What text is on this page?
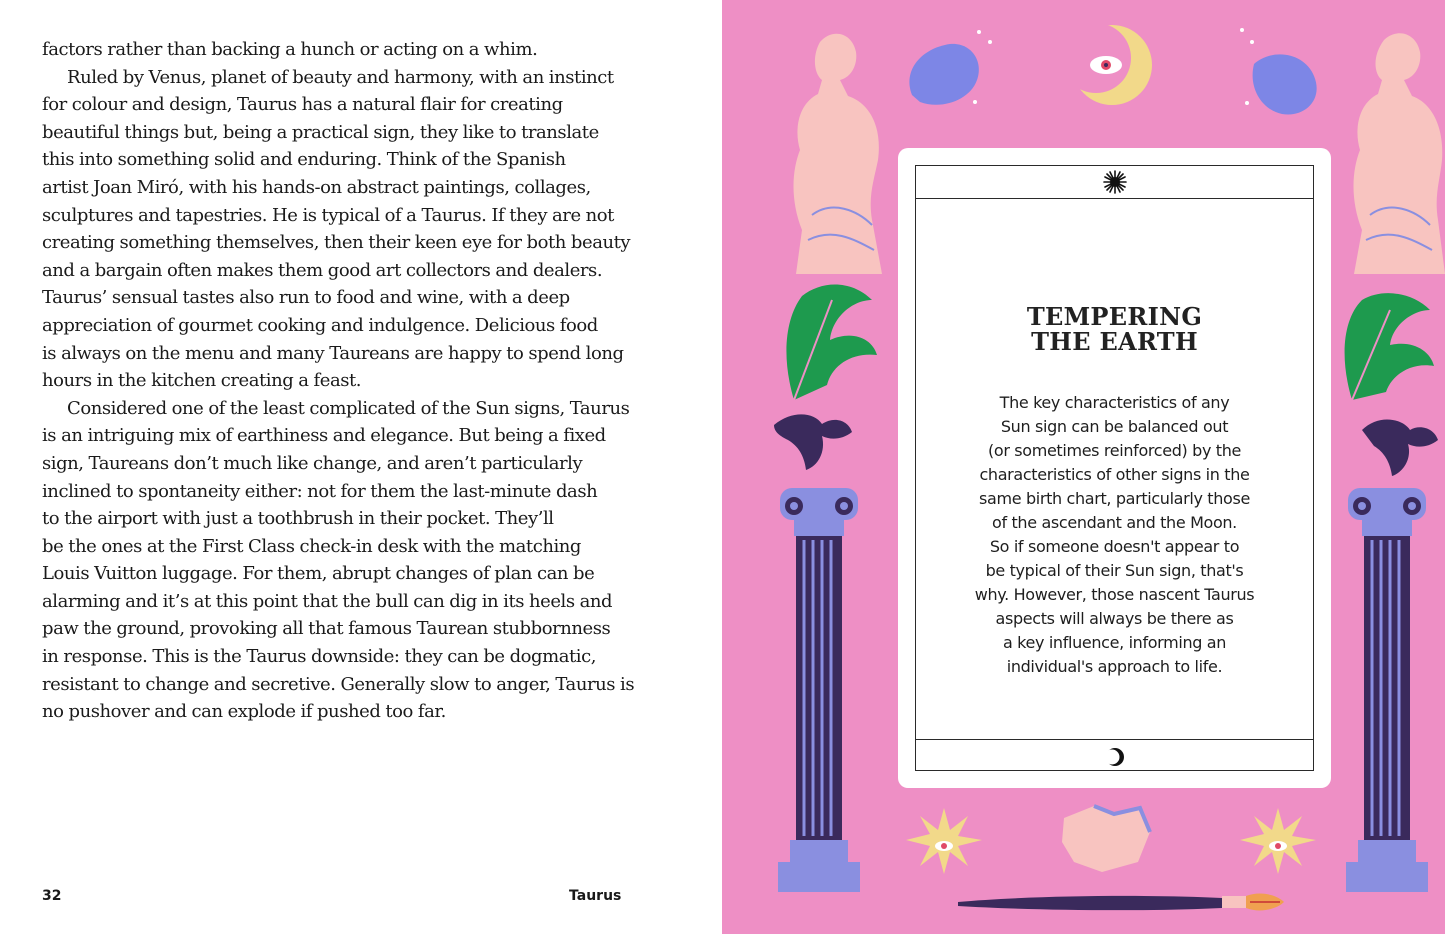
factors rather than backing a hunch or acting on a whim.
Ruled by Venus, planet of beauty and harmony, with an instinct
for colour and design, Taurus has a natural flair for creating
beautiful things but, being a practical sign, they like to translate
this into something solid and enduring. Think of the Spanish
artist Joan Miró, with his hands-on abstract paintings, collages,
sculptures and tapestries. He is typical of a Taurus. If they are not
creating something themselves, then their keen eye for both beauty
and a bargain often makes them good art collectors and dealers.
Taurus’ sensual tastes also run to food and wine, with a deep
appreciation of gourmet cooking and indulgence. Delicious food
is always on the menu and many Taureans are happy to spend long
hours in the kitchen creating a feast.
Considered one of the least complicated of the Sun signs, Taurus
is an intriguing mix of earthiness and elegance. But being a fixed
sign, Taureans don’t much like change, and aren’t particularly
inclined to spontaneity either: not for them the last-minute dash
to the airport with just a toothbrush in their pocket. They’ll
be the ones at the First Class check-in desk with the matching
Louis Vuitton luggage. For them, abrupt changes of plan can be
alarming and it’s at this point that the bull can dig in its heels and
paw the ground, provoking all that famous Taurean stubbornness
in response. This is the Taurus downside: they can be dogmatic,
resistant to change and secretive. Generally slow to anger, Taurus is
no pushover and can explode if pushed too far.

32	Taurus
TEMPERING
THE EARTH

The key characteristics of any
Sun sign can be balanced out
(or sometimes reinforced) by the
characteristics of other signs in the
same birth chart, particularly those
of the ascendant and the Moon.
So if someone doesn't appear to
be typical of their Sun sign, that's
why. However, those nascent Taurus
aspects will always be there as
a key influence, informing an
individual's approach to life.
